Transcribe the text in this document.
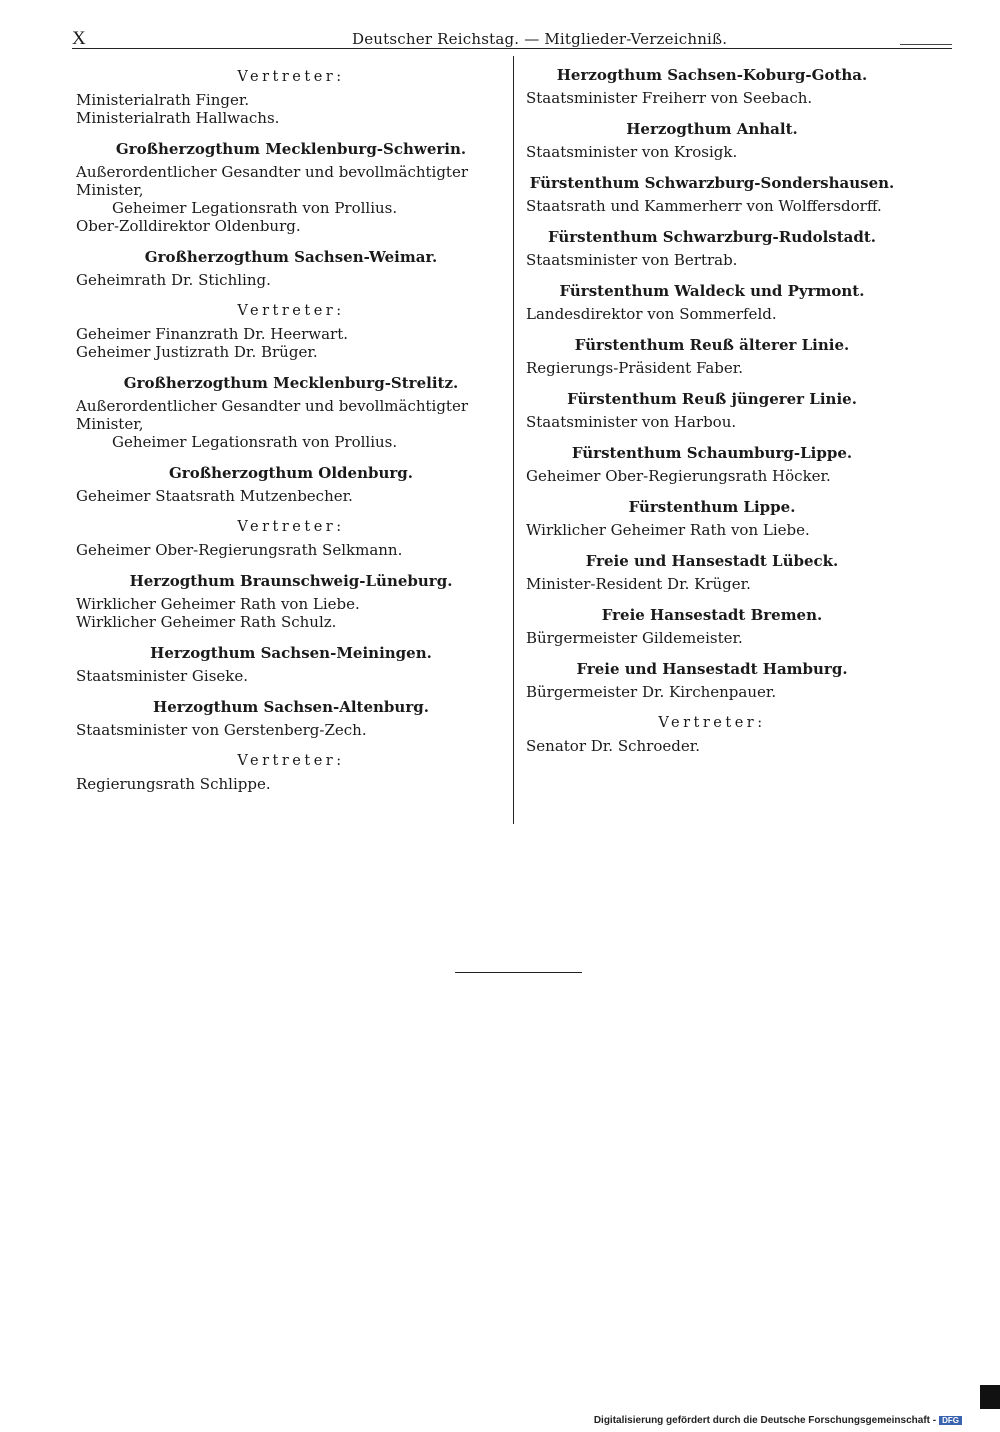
X	Deutscher Reichstag. — Mitglieder-Verzeichniß.
Vertreter:
Ministerialrath Finger.
Ministerialrath Hallwachs.
Großherzogthum Mecklenburg-Schwerin.
Außerordentlicher Gesandter und bevollmächtigter Minister,
Geheimer Legationsrath von Prollius.
Ober-Zolldirektor Oldenburg.
Großherzogthum Sachsen-Weimar.
Geheimrath Dr. Stichling.
Vertreter:
Geheimer Finanzrath Dr. Heerwart.
Geheimer Justizrath Dr. Brüger.
Großherzogthum Mecklenburg-Strelitz.
Außerordentlicher Gesandter und bevollmächtigter Minister,
Geheimer Legationsrath von Prollius.
Großherzogthum Oldenburg.
Geheimer Staatsrath Mutzenbecher.
Vertreter:
Geheimer Ober-Regierungsrath Selkmann.
Herzogthum Braunschweig-Lüneburg.
Wirklicher Geheimer Rath von Liebe.
Wirklicher Geheimer Rath Schulz.
Herzogthum Sachsen-Meiningen.
Staatsminister Giseke.
Herzogthum Sachsen-Altenburg.
Staatsminister von Gerstenberg-Zech.
Vertreter:
Regierungsrath Schlippe.
Herzogthum Sachsen-Koburg-Gotha.
Staatsminister Freiherr von Seebach.
Herzogthum Anhalt.
Staatsminister von Krosigk.
Fürstenthum Schwarzburg-Sondershausen.
Staatsrath und Kammerherr von Wolffersdorff.
Fürstenthum Schwarzburg-Rudolstadt.
Staatsminister von Bertrab.
Fürstenthum Waldeck und Pyrmont.
Landesdirektor von Sommerfeld.
Fürstenthum Reuß älterer Linie.
Regierungs-Präsident Faber.
Fürstenthum Reuß jüngerer Linie.
Staatsminister von Harbou.
Fürstenthum Schaumburg-Lippe.
Geheimer Ober-Regierungsrath Höcker.
Fürstenthum Lippe.
Wirklicher Geheimer Rath von Liebe.
Freie und Hansestadt Lübeck.
Minister-Resident Dr. Krüger.
Freie Hansestadt Bremen.
Bürgermeister Gildemeister.
Freie und Hansestadt Hamburg.
Bürgermeister Dr. Kirchenpauer.
Vertreter:
Senator Dr. Schroeder.
Digitalisierung gefördert durch die Deutsche Forschungsgemeinschaft - DFG
